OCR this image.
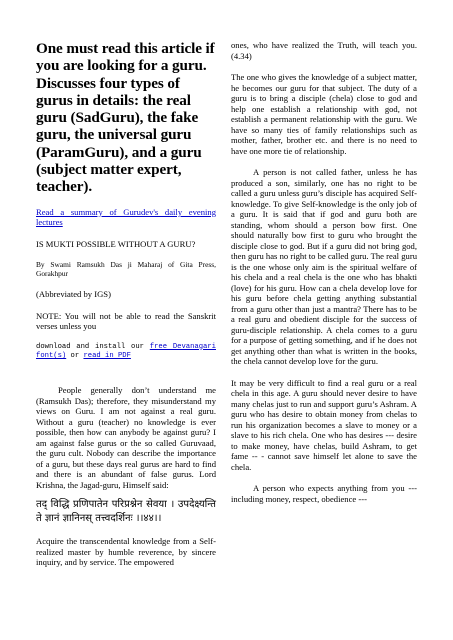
One must read this article if you are looking for a guru. Discusses four types of gurus in details: the real guru (SadGuru), the fake guru, the universal guru (ParamGuru), and a guru (subject matter expert, teacher).

Read a summary of Gurudev's daily evening lectures

IS MUKTI POSSIBLE WITHOUT A GURU?

By Swami Ramsukh Das ji Maharaj of Gita Press, Gorakhpur

(Abbreviated by IGS)

NOTE: You will not be able to read the Sanskrit verses unless you

download and install our free Devanagari font(s) or read in PDF

People generally don’t understand me (Ramsukh Das); therefore, they misunderstand my views on Guru. I am not against a real guru. Without a guru (teacher) no knowledge is ever possible, then how can anybody be against guru? I am against false gurus or the so called Guruvaad, the guru cult. Nobody can describe the importance of a guru, but these days real gurus are hard to find and there is an abundant of false gurus. Lord Krishna, the Jagad-guru, Himself said:

तद् विद्धि प्रणिपातेन परिप्रश्नेन सेवया । उपदेक्ष्यन्ति ते ज्ञानं ज्ञानिनस् तत्त्वदर्शिनः ।।४४।।

Acquire the transcendental knowledge from a Self-realized master by humble reverence, by sincere inquiry, and by service. The empowered

ones, who have realized the Truth, will teach you. (4.34)

The one who gives the knowledge of a subject matter, he becomes our guru for that subject. The duty of a guru is to bring a disciple (chela) close to god and help one establish a relationship with god, not establish a permanent relationship with the guru. We have so many ties of family relationships such as mother, father, brother etc. and there is no need to have one more tie of relationship.

A person is not called father, unless he has produced a son, similarly, one has no right to be called a guru unless guru’s disciple has acquired Self-knowledge. To give Self-knowledge is the only job of a guru. It is said that if god and guru both are standing, whom should a person bow first. One should naturally bow first to guru who brought the disciple close to god. But if a guru did not bring god, then guru has no right to be called guru. The real guru is the one whose only aim is the spiritual welfare of his chela and a real chela is the one who has bhakti (love) for his guru. How can a chela develop love for his guru before chela getting anything substantial from a guru other than just a mantra? There has to be a real guru and obedient disciple for the success of guru-disciple relationship. A chela comes to a guru for a purpose of getting something, and if he does not get anything other than what is written in the books, the chela cannot develop love for the guru.

It may be very difficult to find a real guru or a real chela in this age. A guru should never desire to have many chelas just to run and support guru’s Ashram. A guru who has desire to obtain money from chelas to run his organization becomes a slave to money or a slave to his rich chela. One who has desires --- desire to make money, have chelas, build Ashram, to get fame -- - cannot save himself let alone to save the chela.

A person who expects anything from you --- including money, respect, obedience ---
